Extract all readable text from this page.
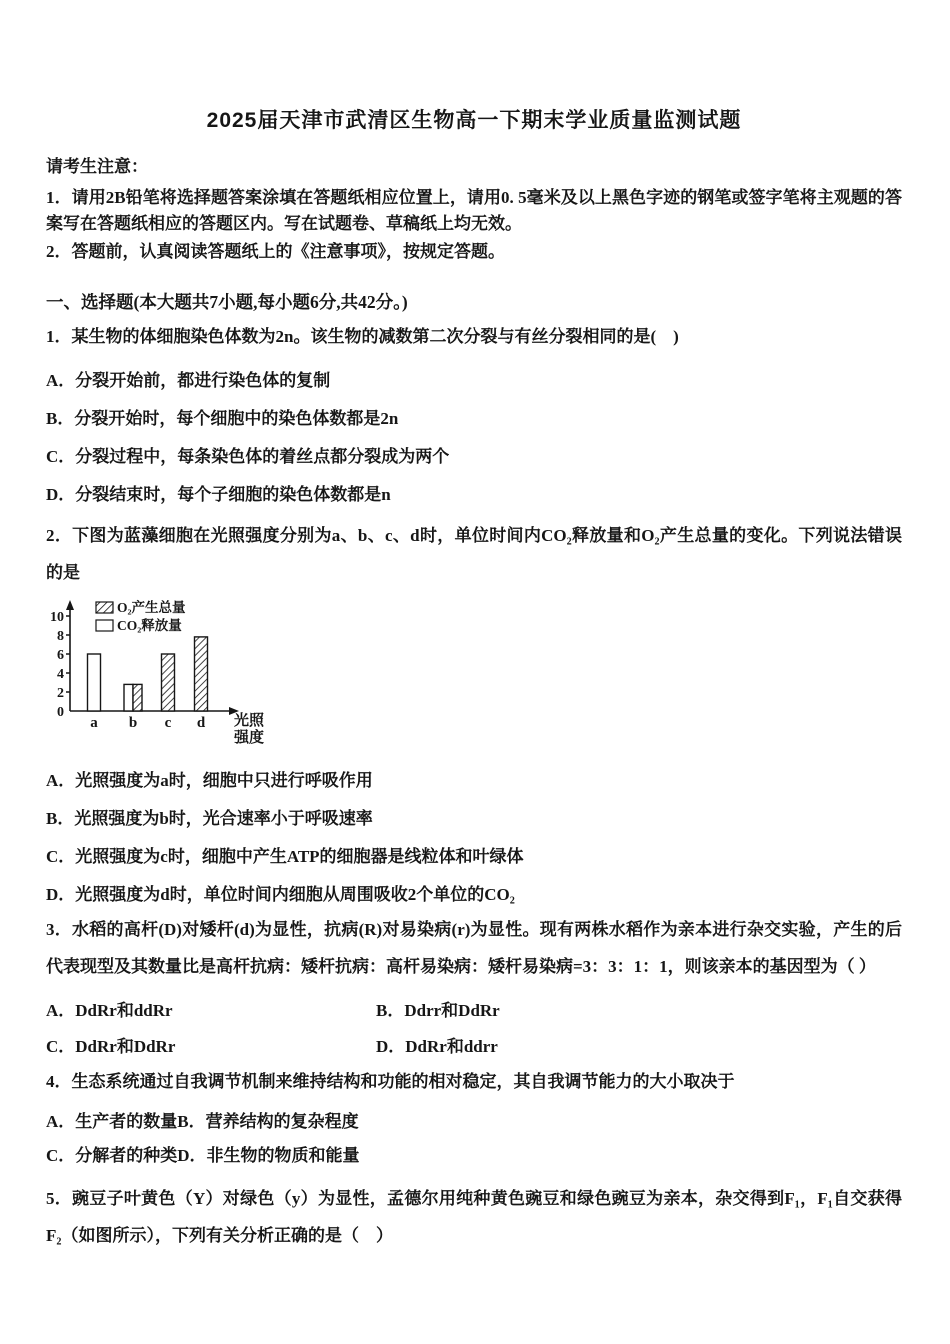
2025届天津市武清区生物高一下期末学业质量监测试题
请考生注意：
1．请用2B铅笔将选择题答案涂填在答题纸相应位置上，请用0. 5毫米及以上黑色字迹的钢笔或签字笔将主观题的答案写在答题纸相应的答题区内。写在试题卷、草稿纸上均无效。
2．答题前，认真阅读答题纸上的《注意事项》，按规定答题。
一、选择题(本大题共7小题,每小题6分,共42分。)
1．某生物的体细胞染色体数为2n。该生物的减数第二次分裂与有丝分裂相同的是(　)
A．分裂开始前，都进行染色体的复制
B．分裂开始时，每个细胞中的染色体数都是2n
C．分裂过程中，每条染色体的着丝点都分裂成为两个
D．分裂结束时，每个子细胞的染色体数都是n
2．下图为蓝藻细胞在光照强度分别为a、b、c、d时，单位时间内CO₂释放量和O₂产生总量的变化。下列说法错误的是
0
2
4
6
8
10
a b c d
O₂产生总量
CO₂释放量
光照
强度
A．光照强度为a时，细胞中只进行呼吸作用
B．光照强度为b时，光合速率小于呼吸速率
C．光照强度为c时，细胞中产生ATP的细胞器是线粒体和叶绿体
D．光照强度为d时，单位时间内细胞从周围吸收2个单位的CO₂
3．水稻的高杆(D)对矮杆(d)为显性，抗病(R)对易染病(r)为显性。现有两株水稻作为亲本进行杂交实验，产生的后代表现型及其数量比是高杆抗病：矮杆抗病：高杆易染病：矮杆易染病=3：3：1：1，则该亲本的基因型为（ ）
A．DdRr和ddRr	B．Ddrr和DdRr
C．DdRr和DdRr	D．DdRr和ddrr
4．生态系统通过自我调节机制来维持结构和功能的相对稳定，其自我调节能力的大小取决于
A．生产者的数量B．营养结构的复杂程度
C．分解者的种类D．非生物的物质和能量
5．豌豆子叶黄色（Y）对绿色（y）为显性，孟德尔用纯种黄色豌豆和绿色豌豆为亲本，杂交得到F₁，F₁自交获得F₂（如图所示），下列有关分析正确的是（　）
